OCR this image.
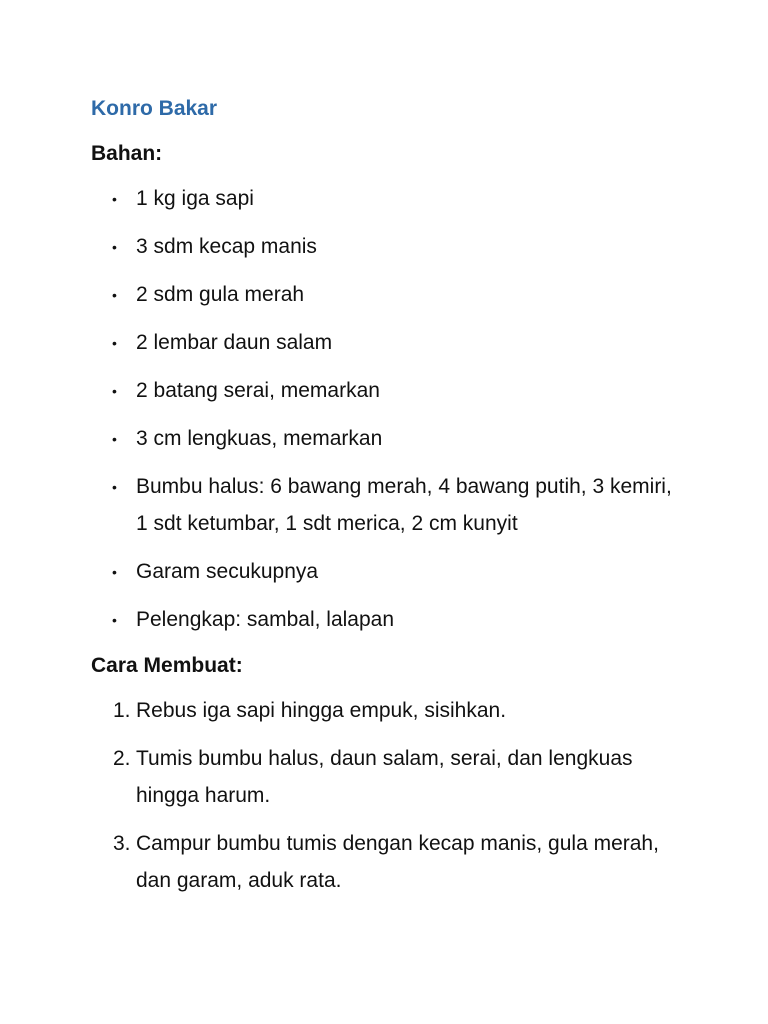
Konro Bakar
Bahan:
• 1 kg iga sapi
• 3 sdm kecap manis
• 2 sdm gula merah
• 2 lembar daun salam
• 2 batang serai, memarkan
• 3 cm lengkuas, memarkan
• Bumbu halus: 6 bawang merah, 4 bawang putih, 3 kemiri, 1 sdt ketumbar, 1 sdt merica, 2 cm kunyit
• Garam secukupnya
• Pelengkap: sambal, lalapan
Cara Membuat:
1. Rebus iga sapi hingga empuk, sisihkan.
2. Tumis bumbu halus, daun salam, serai, dan lengkuas hingga harum.
3. Campur bumbu tumis dengan kecap manis, gula merah, dan garam, aduk rata.
